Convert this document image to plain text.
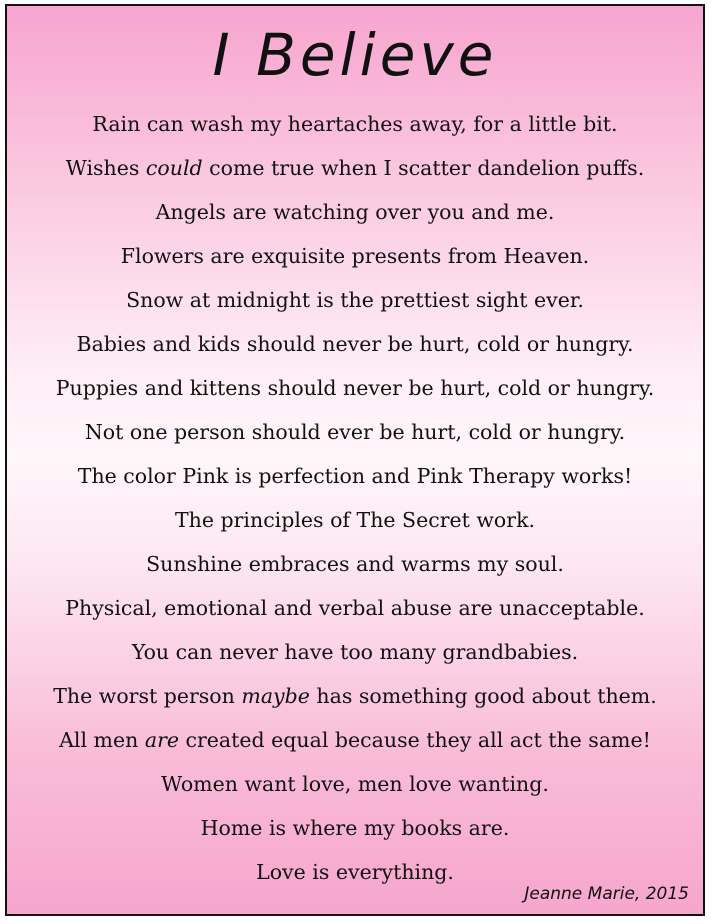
I Believe
Rain can wash my heartaches away, for a little bit.
Wishes could come true when I scatter dandelion puffs.
Angels are watching over you and me.
Flowers are exquisite presents from Heaven.
Snow at midnight is the prettiest sight ever.
Babies and kids should never be hurt, cold or hungry.
Puppies and kittens should never be hurt, cold or hungry.
Not one person should ever be hurt, cold or hungry.
The color Pink is perfection and Pink Therapy works!
The principles of The Secret work.
Sunshine embraces and warms my soul.
Physical, emotional and verbal abuse are unacceptable.
You can never have too many grandbabies.
The worst person maybe has something good about them.
All men are created equal because they all act the same!
Women want love, men love wanting.
Home is where my books are.
Love is everything.
Jeanne Marie, 2015
